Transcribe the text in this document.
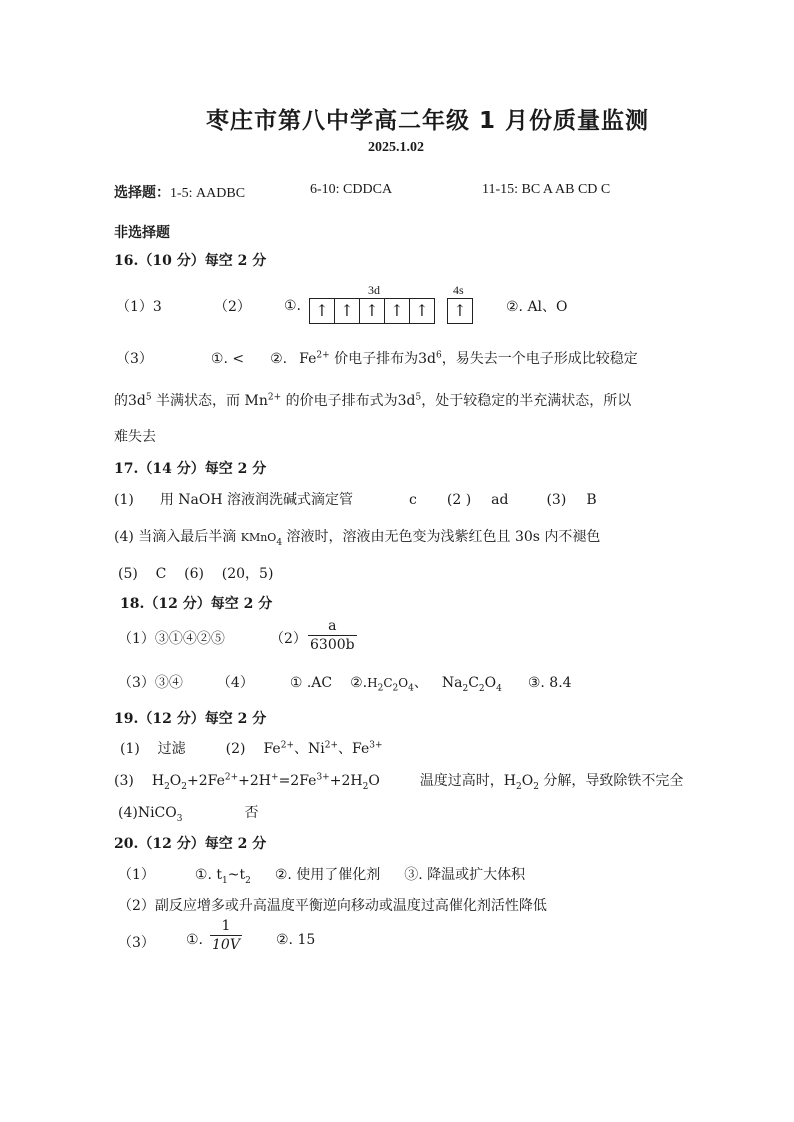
枣庄市第八中学高二年级 1 月份质量监测
2025.1.02
选择题：1-5: AADBC	6-10: CDDCA	11-15: BC A AB CD C
非选择题
16.（10 分）每空 2 分
（1）3	（2） ①.
3d	4s
↑ ↑ ↑ ↑ ↑ ↑	②. Al、O
（3）	①. < ②. $Fe^{2+}$ 价电子排布为$3d^6$，易失去一个电子形成比较稳定
的$3d^5$ 半满状态，而 $Mn^{2+}$ 的价电子排布式为$3d^5$，处于较稳定的半充满状态，所以
难失去
17.（14 分）每空 2 分
(1) 用 NaOH 溶液润洗碱式滴定管	c (2 ) ad	(3) B
(4) 当滴入最后半滴 KMnO$_4$ 溶液时，溶液由无色变为浅紫红色且 30s 内不褪色
(5)    C    (6)    (20，5)
18.（12 分）每空 2 分
（1）③①④②⑤	$(2) \frac{a}{6300b}$
（3）③④ （4）	① .AC $②.H_2C_2O_4$、 $Na_2C_2O_4$ ③. 8.4
19.（12 分）每空 2 分
(1)    过滤	(2) $Fe^{2+}$、$Ni^{2+}$、$Fe^{3+}$
(3) $H_2O_2+2Fe^{2+}+2H^+=2Fe^{3+}+2H_2O$	温度过高时，$H_2O_2$ 分解，导致除铁不完全
(4)NiCO$_3$	否
20.（12 分）每空 2 分
（1）	①. $t_1\sim t_2$ ②. 使用了催化剂 ③. 降温或扩大体积
（2）副反应增多或升高温度平衡逆向移动或温度过高催化剂活性降低
（3） ①. $\frac{1}{10V}$ ②. 15
